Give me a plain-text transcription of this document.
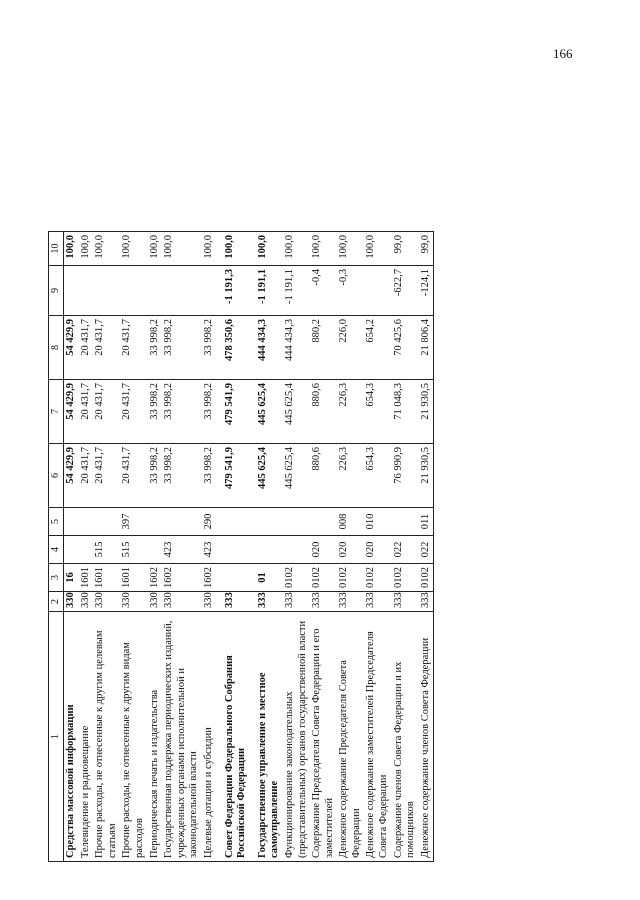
166
1	2	3	4	5	6	7	8	9	10
Средства массовой информации	330	16			54 429,9	54 429,9	54 429,9		100,0
Телевидение и радиовещание	330	1601			20 431,7	20 431,7	20 431,7		100,0
Прочие расходы, не отнесенные к другим целевым статьям	330	1601	515		20 431,7	20 431,7	20 431,7		100,0
Прочие расходы, не отнесенные к другим видам расходов	330	1601	515	397	20 431,7	20 431,7	20 431,7		100,0
Периодическая печать и издательства	330	1602			33 998,2	33 998,2	33 998,2		100,0
Государственная поддержка периодических изданий, учрежденных органами исполнительной и законодательной власти	330	1602	423		33 998,2	33 998,2	33 998,2		100,0
Целевые дотации и субсидии	330	1602	423	290	33 998,2	33 998,2	33 998,2		100,0
Совет Федерации Федерального Собрания Российской Федерации	333				479 541,9	479 541,9	478 350,6	-1 191,3	100,0
Государственное управление и местное самоуправление	333	01			445 625,4	445 625,4	444 434,3	-1 191,1	100,0
Функционирование законодательных (представительных) органов государственной власти	333	0102			445 625,4	445 625,4	444 434,3	-1 191,1	100,0
Содержание Председателя Совета Федерации и его заместителей	333	0102	020		880,6	880,6	880,2	-0,4	100,0
Денежное содержание Председателя Совета Федерации	333	0102	020	008	226,3	226,3	226,0	-0,3	100,0
Денежное содержание заместителей Председателя Совета Федерации	333	0102	020	010	654,3	654,3	654,2		100,0
Содержание членов Совета Федерации и их помощников	333	0102	022		76 990,9	71 048,3	70 425,6	-622,7	99,0
Денежное содержание членов Совета Федерации	333	0102	022	011	21 930,5	21 930,5	21 806,4	-124,1	99,0
